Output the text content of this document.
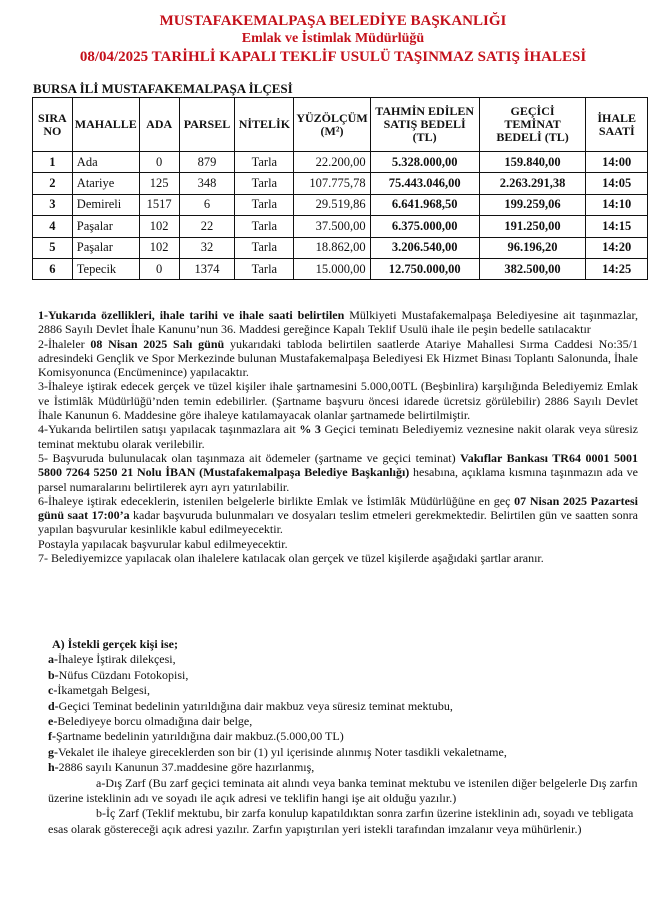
MUSTAFAKEMALPAŞA BELEDİYE BAŞKANLIĞI
Emlak ve İstimlak Müdürlüğü
08/04/2025 TARİHLİ KAPALI TEKLİF USULÜ TAŞINMAZ SATIŞ İHALESİ
BURSA İLİ MUSTAFAKEMALPAŞA İLÇESİ
SIRA NO	MAHALLE	ADA	PARSEL	NİTELİK	YÜZÖLÇÜM (M²)	TAHMİN EDİLEN SATIŞ BEDELİ (TL)	GEÇİCİ TEMİNAT BEDELİ (TL)	İHALE SAATİ
1	Ada	0	879	Tarla	22.200,00	5.328.000,00	159.840,00	14:00
2	Atariye	125	348	Tarla	107.775,78	75.443.046,00	2.263.291,38	14:05
3	Demireli	1517	6	Tarla	29.519,86	6.641.968,50	199.259,06	14:10
4	Paşalar	102	22	Tarla	37.500,00	6.375.000,00	191.250,00	14:15
5	Paşalar	102	32	Tarla	18.862,00	3.206.540,00	96.196,20	14:20
6	Tepecik	0	1374	Tarla	15.000,00	12.750.000,00	382.500,00	14:25

1-Yukarıda özellikleri, ihale tarihi ve ihale saati belirtilen Mülkiyeti Mustafakemalpaşa Belediyesine ait taşınmazlar, 2886 Sayılı Devlet İhale Kanunu’nun 36. Maddesi gereğince Kapalı Teklif Usulü ihale ile peşin bedelle satılacaktır

2-İhaleler 08 Nisan 2025 Salı günü yukarıdaki tabloda belirtilen saatlerde Atariye Mahallesi Sırma Caddesi No:35/1 adresindeki Gençlik ve Spor Merkezinde bulunan Mustafakemalpaşa Belediyesi Ek Hizmet Binası Toplantı Salonunda, İhale Komisyonunca (Encümenince) yapılacaktır.

3-İhaleye iştirak edecek gerçek ve tüzel kişiler ihale şartnamesini 5.000,00TL (Beşbinlira) karşılığında Belediyemiz Emlak ve İstimlâk Müdürlüğü’nden temin edebilirler. (Şartname başvuru öncesi idarede ücretsiz görülebilir) 2886 Sayılı Devlet İhale Kanunun 6. Maddesine göre ihaleye katılamayacak olanlar şartnamede belirtilmiştir.

4-Yukarıda belirtilen satışı yapılacak taşınmazlara ait % 3 Geçici teminatı Belediyemiz veznesine nakit olarak veya süresiz teminat mektubu olarak verilebilir.

5- Başvuruda bulunulacak olan taşınmaza ait ödemeler (şartname ve geçici teminat) Vakıflar Bankası TR64 0001 5001 5800 7264 5250 21 Nolu İBAN (Mustafakemalpaşa Belediye Başkanlığı) hesabına, açıklama kısmına taşınmazın ada ve parsel numaralarını belirtilerek ayrı ayrı yatırılabilir.

6-İhaleye iştirak edeceklerin, istenilen belgelerle birlikte Emlak ve İstimlâk Müdürlüğüne en geç 07 Nisan 2025 Pazartesi günü saat 17:00’a kadar başvuruda bulunmaları ve dosyaları teslim etmeleri gerekmektedir. Belirtilen gün ve saatten sonra yapılan başvurular kesinlikle kabul edilmeyecektir.

Postayla yapılacak başvurular kabul edilmeyecektir.

7- Belediyemizce yapılacak olan ihalelere katılacak olan gerçek ve tüzel kişilerde aşağıdaki şartlar aranır.

A) İstekli gerçek kişi ise;
a-İhaleye İştirak dilekçesi,
b-Nüfus Cüzdanı Fotokopisi,
c-İkametgah Belgesi,
d-Geçici Teminat bedelinin yatırıldığına dair makbuz veya süresiz teminat mektubu,
e-Belediyeye borcu olmadığına dair belge,
f-Şartname bedelinin yatırıldığına dair makbuz.(5.000,00 TL)
g-Vekalet ile ihaleye gireceklerden son bir (1) yıl içerisinde alınmış Noter tasdikli vekaletname,
h-2886 sayılı Kanunun 37.maddesine göre hazırlanmış,
a-Dış Zarf (Bu zarf geçici teminata ait alındı veya banka teminat mektubu ve istenilen diğer belgelerle Dış zarfın üzerine isteklinin adı ve soyadı ile açık adresi ve teklifin hangi işe ait olduğu yazılır.)
b-İç Zarf (Teklif mektubu, bir zarfa konulup kapatıldıktan sonra zarfın üzerine isteklinin adı, soyadı ve tebligata esas olarak göstereceği açık adresi yazılır. Zarfın yapıştırılan yeri istekli tarafından imzalanır veya mühürlenir.)
